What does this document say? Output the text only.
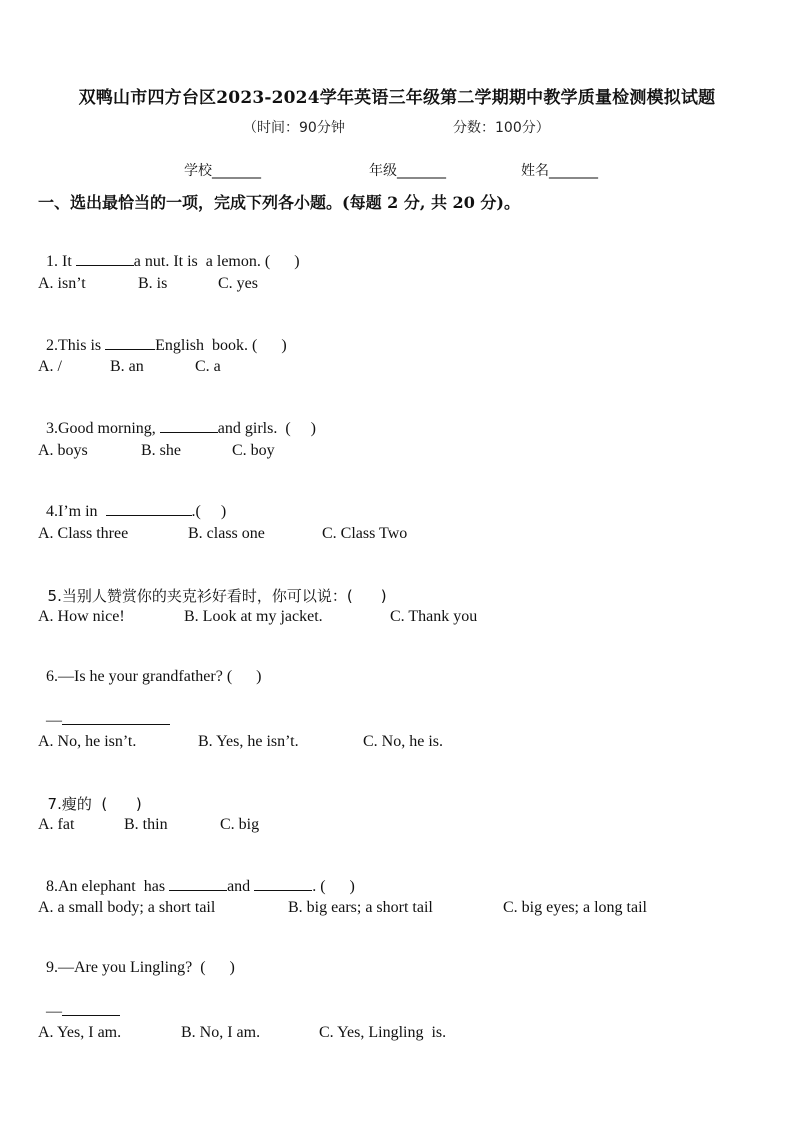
双鸭山市四方台区2023-2024学年英语三年级第二学期期中教学质量检测模拟试题
（时间：90分钟	分数：100分）
学校_______	年级_______	姓名_______
一、选出最恰当的一项，完成下列各小题。(每题 2 分, 共 20 分)。

1. It	a nut. It is  a lemon. (      )

A. isn’t	B. is	C. yes

2.This is	English  book. (      )

A. /	B. an	C. a

3.Good morning,	and girls.  (     )

A. boys	B. she	C. boy

4.I’m in	.(     )

A. Class three	B. class one	C. Class Two

5.当别人赞赏你的夹克衫好看时，你可以说：( )

A. How nice!	B. Look at my jacket.	C. Thank you

6.—Is he your grandfather? (      )

—

A. No, he isn’t.	B. Yes, he isn’t.	C. No, he is.

7.瘦的  (      )

A. fat	B. thin	C. big

8.An elephant  has	and	. (      )

A. a small body; a short tail	B. big ears; a short tail	C. big eyes; a long tail

9.—Are you Lingling?  (      )

—

A. Yes, I am.	B. No, I am.	C. Yes, Lingling  is.
